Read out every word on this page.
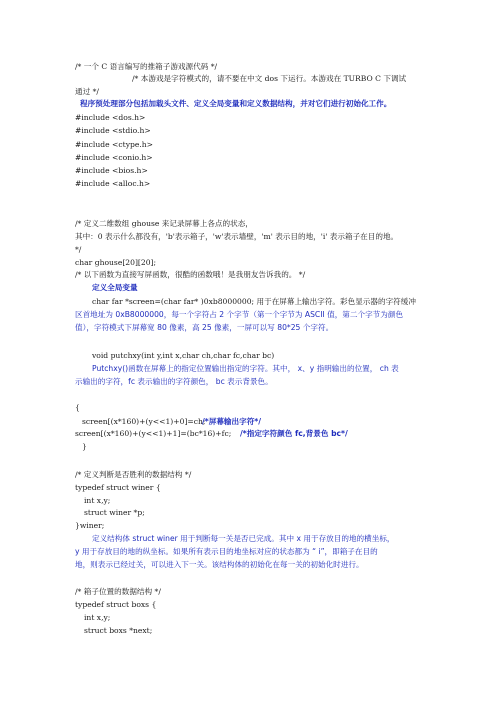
/* 一个 C 语言编写的推箱子游戏源代码 */
/* 本游戏是字符模式的，请不要在中文 dos 下运行。本游戏在 TURBO C 下调试
通过 */
程序预处理部分包括加载头文件、定义全局变量和定义数据结构，并对它们进行初始化工作。
#include <dos.h>
#include <stdio.h>
#include <ctype.h>
#include <conio.h>
#include <bios.h>
#include <alloc.h>
/* 定义二维数组 ghouse 来记录屏幕上各点的状态，
其中：0 表示什么都没有，'b'表示箱子，'w'表示墙壁，'m' 表示目的地，'i' 表示箱子在目的地。
*/
char ghouse[20][20];
/* 以下函数为直接写屏函数，很酷的函数哦！是我朋友告诉我的。 */
定义全局变量
char far *screen=(char far* )0xb8000000; 用于在屏幕上输出字符。彩色显示器的字符缓冲
区首地址为 0xB8000000，每一个字符占 2 个字节（第一个字节为 ASCII 值，第二个字节为颜色
值），字符模式下屏幕宽 80 像素，高 25 像素，一屏可以写 80*25 个字符。
void putchxy(int y,int x,char ch,char fc,char bc)
Putchxy()函数在屏幕上的指定位置输出指定的字符。其中， x、y 指明输出的位置， ch 表
示输出的字符，fc 表示输出的字符颜色， bc 表示背景色。
{
screen[(x*160)+(y<<1)+0]=ch;
/*屏幕输出字符*/
screen[(x*160)+(y<<1)+1]=(bc*16)+fc; /*指定字符颜色 fc,背景色 bc*/
}
/* 定义判断是否胜利的数据结构 */
typedef struct winer {
int x,y;
struct winer *p;
}winer;
定义结构体 struct winer 用于判断每一关是否已完成。其中 x 用于存放目的地的横坐标，
y 用于存放目的地的纵坐标。如果所有表示目的地坐标对应的状态都为 “ i”，即箱子在目的
地，则表示已经过关，可以进入下一关。该结构体的初始化在每一关的初始化时进行。
/* 箱子位置的数据结构 */
typedef struct boxs {
int x,y;
struct boxs *next;
